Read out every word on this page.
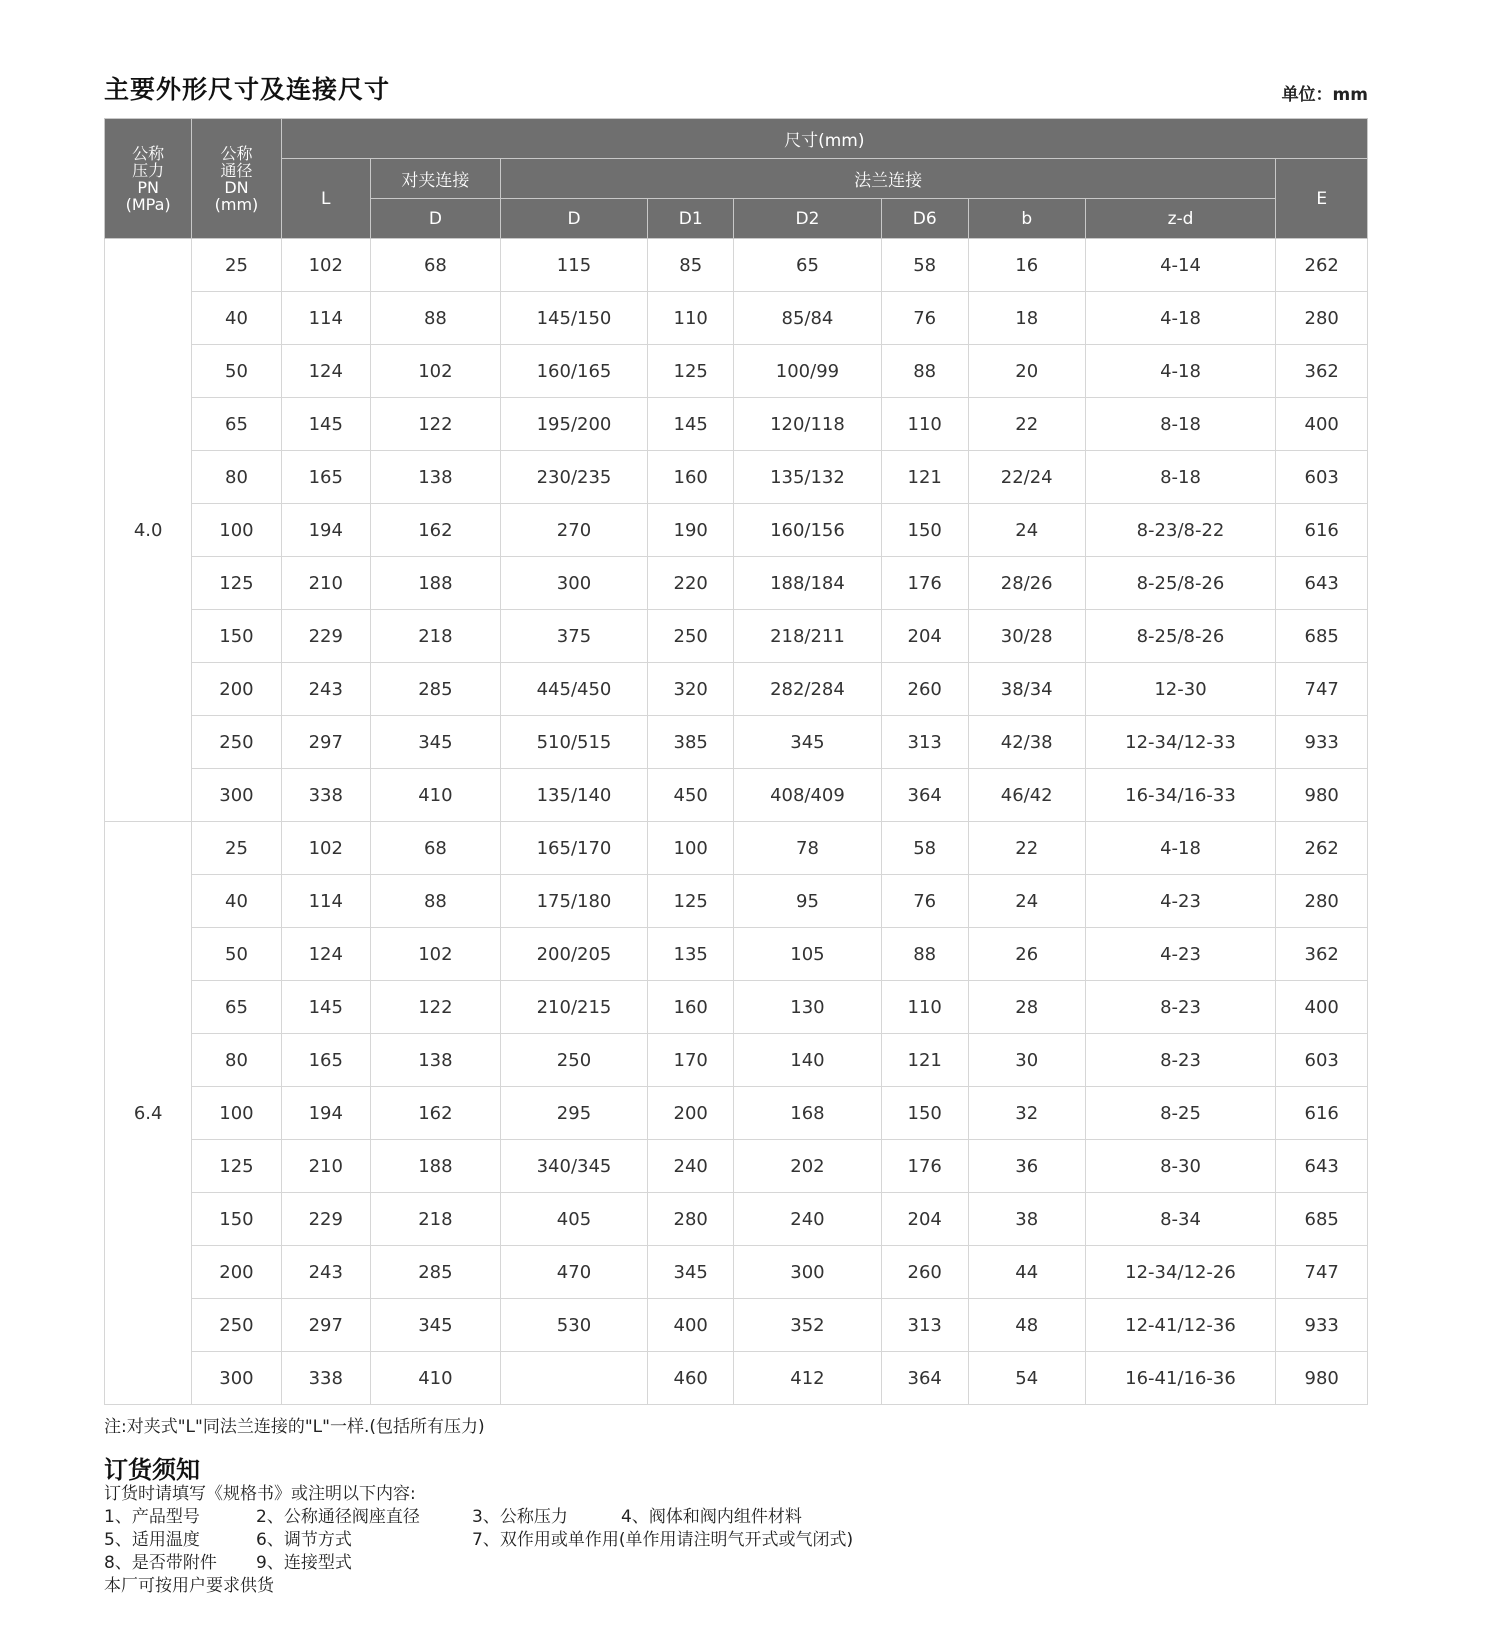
主要外形尺寸及连接尺寸	单位：mm
公称
压力
PN
(MPa)	公称
通径
DN
(mm)	尺寸(mm)								
		L	对夹连接	法兰连接						E
			D	D	D1	D2	D6	b	z-d	
4.0	25	102	68	115	85	65	58	16	4-14	262
	40	114	88	145/150	110	85/84	76	18	4-18	280
	50	124	102	160/165	125	100/99	88	20	4-18	362
	65	145	122	195/200	145	120/118	110	22	8-18	400
	80	165	138	230/235	160	135/132	121	22/24	8-18	603
	100	194	162	270	190	160/156	150	24	8-23/8-22	616
	125	210	188	300	220	188/184	176	28/26	8-25/8-26	643
	150	229	218	375	250	218/211	204	30/28	8-25/8-26	685
	200	243	285	445/450	320	282/284	260	38/34	12-30	747
	250	297	345	510/515	385	345	313	42/38	12-34/12-33	933
	300	338	410	135/140	450	408/409	364	46/42	16-34/16-33	980
6.4	25	102	68	165/170	100	78	58	22	4-18	262
	40	114	88	175/180	125	95	76	24	4-23	280
	50	124	102	200/205	135	105	88	26	4-23	362
	65	145	122	210/215	160	130	110	28	8-23	400
	80	165	138	250	170	140	121	30	8-23	603
	100	194	162	295	200	168	150	32	8-25	616
	125	210	188	340/345	240	202	176	36	8-30	643
	150	229	218	405	280	240	204	38	8-34	685
	200	243	285	470	345	300	260	44	12-34/12-26	747
	250	297	345	530	400	352	313	48	12-41/12-36	933
	300	338	410		460	412	364	54	16-41/16-36	980
注:对夹式"L"同法兰连接的"L"一样.(包括所有压力)
订货须知
订货时请填写《规格书》或注明以下内容:
1、产品型号	2、公称通径阀座直径	3、公称压力	4、阀体和阀内组件材料
5、适用温度	6、调节方式	7、双作用或单作用(单作用请注明气开式或气闭式)
8、是否带附件 9、连接型式
本厂可按用户要求供货
